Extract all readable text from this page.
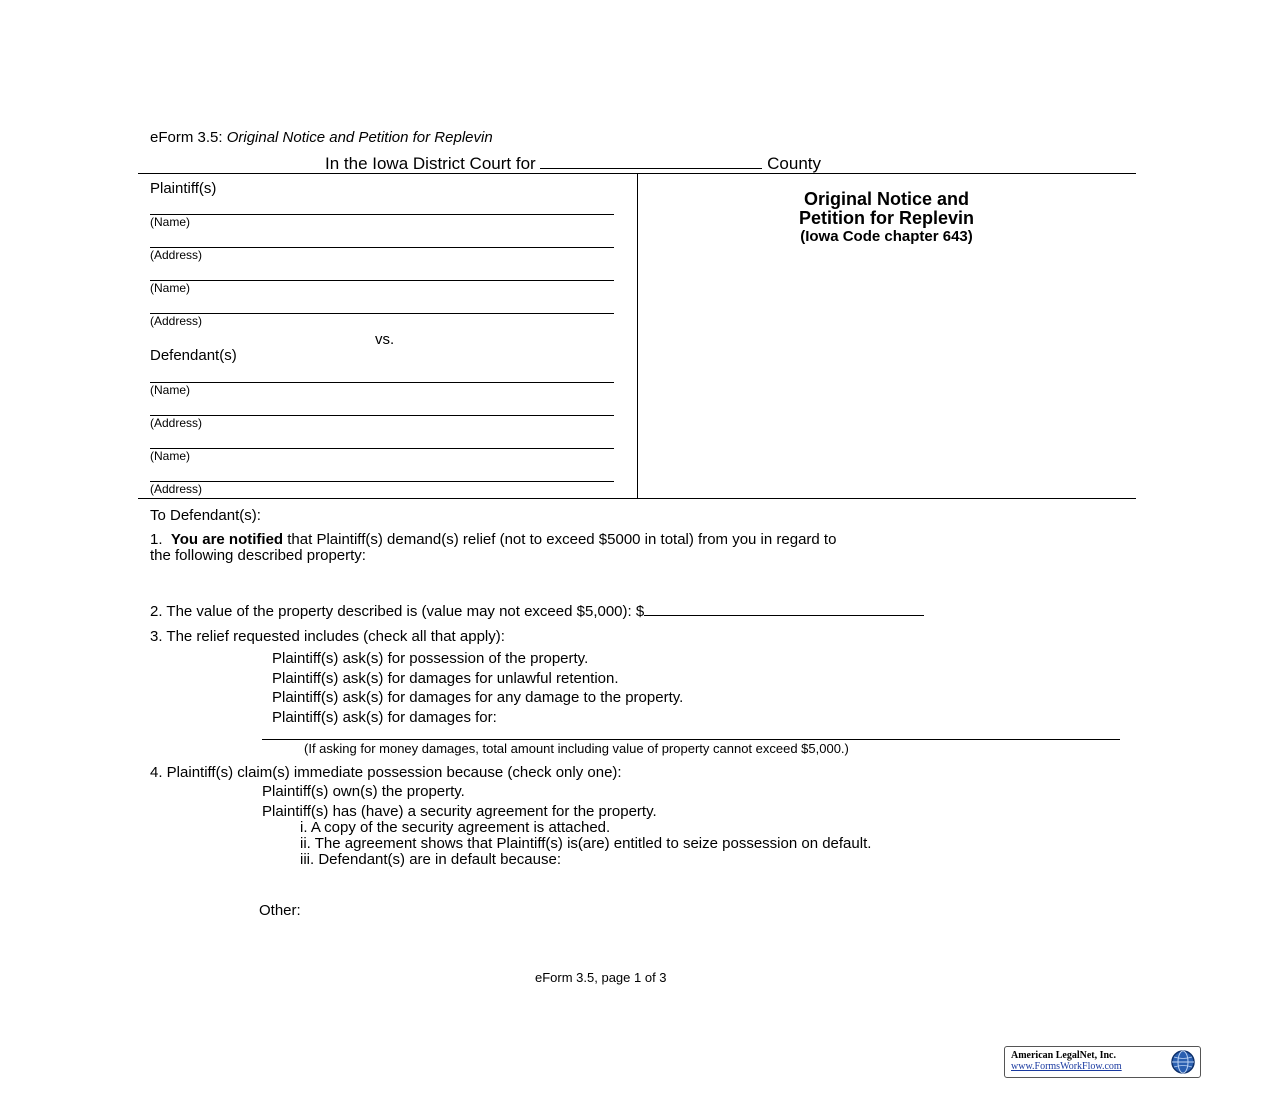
eForm 3.5: Original Notice and Petition for Replevin
In the Iowa District Court for	County
Plaintiff(s)
(Name)
(Address)
(Name)
(Address)
vs.
Defendant(s)
(Name)
(Address)
(Name)
(Address)
Original Notice and
Petition for Replevin
(Iowa Code chapter 643)
To Defendant(s):
1. You are notified that Plaintiff(s) demand(s) relief (not to exceed $5000 in total) from you in regard to
the following described property:
2. The value of the property described is (value may not exceed $5,000): $
3. The relief requested includes (check all that apply):
Plaintiff(s) ask(s) for possession of the property.
Plaintiff(s) ask(s) for damages for unlawful retention.
Plaintiff(s) ask(s) for damages for any damage to the property.
Plaintiff(s) ask(s) for damages for:
(If asking for money damages, total amount including value of property cannot exceed $5,000.)
4. Plaintiff(s) claim(s) immediate possession because (check only one):
Plaintiff(s) own(s) the property.
Plaintiff(s) has (have) a security agreement for the property.
i. A copy of the security agreement is attached.
ii. The agreement shows that Plaintiff(s) is(are) entitled to seize possession on default.
iii. Defendant(s) are in default because:
Other:
eForm 3.5, page 1 of 3
American LegalNet, Inc.
www.FormsWorkFlow.com
